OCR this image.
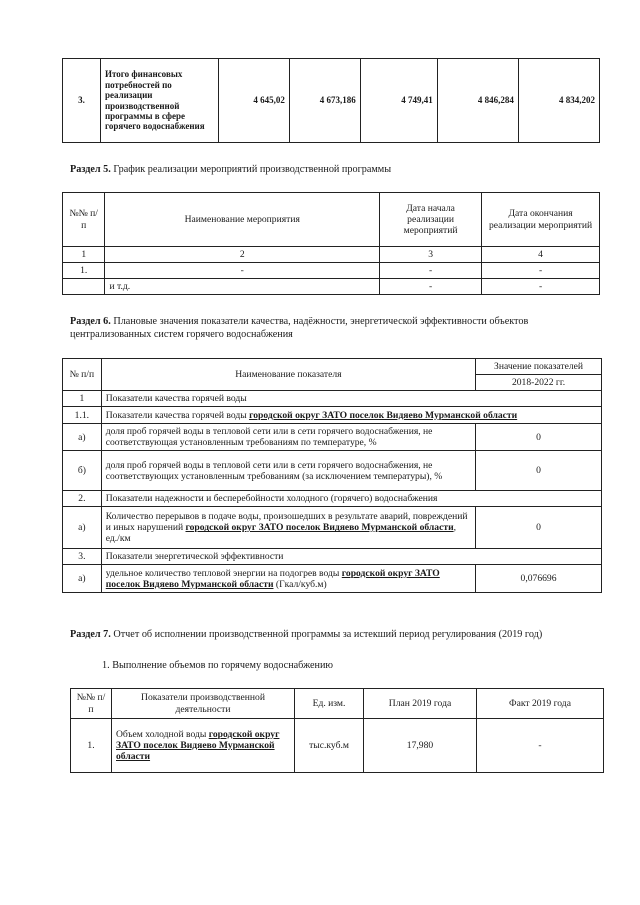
3.	Итого финансовых потребностей по реализации производственной программы в сфере горячего водоснабжения	4 645,02	4 673,186	4 749,41	4 846,284	4 834,202
Раздел 5. График реализации мероприятий производственной программы
№№ п/п	Наименование мероприятия	Дата начала реализации мероприятий	Дата окончания реализации мероприятий
1	2	3	4
1.	-	-	-
	и т.д.	-	-
Раздел 6. Плановые значения показатели качества, надёжности, энергетической эффективности объектов централизованных систем горячего водоснабжения
№ п/п	Наименование показателя	Значение показателей
		2018-2022 гг.
1	Показатели качества горячей воды	
1.1.	Показатели качества горячей воды городской округ ЗАТО поселок Видяево Мурманской области	
а)	доля проб горячей воды в тепловой сети или в сети горячего водоснабжения, не соответствующая установленным требованиям по температуре, %	0
б)	доля проб горячей воды в тепловой сети или в сети горячего водоснабжения, не соответствующих установленным требованиям (за исключением температуры), %	0
2.	Показатели надежности и бесперебойности холодного (горячего) водоснабжения	
а)	Количество перерывов в подаче воды, произошедших в результате аварий, повреждений и иных нарушений городской округ ЗАТО поселок Видяево Мурманской области, ед./км	0
3.	Показатели энергетической эффективности	
а)	удельное количество тепловой энергии на подогрев воды городской округ ЗАТО поселок Видяево Мурманской области (Гкал/куб.м)	0,076696
Раздел 7. Отчет об исполнении производственной программы за истекший период регулирования (2019 год)
1. Выполнение объемов по горячему водоснабжению
№№ п/п	Показатели производственной деятельности	Ед. изм.	План 2019 года	Факт 2019 года
1.	Объем холодной воды городской округ ЗАТО поселок Видяево Мурманской области	тыс.куб.м	17,980	-
